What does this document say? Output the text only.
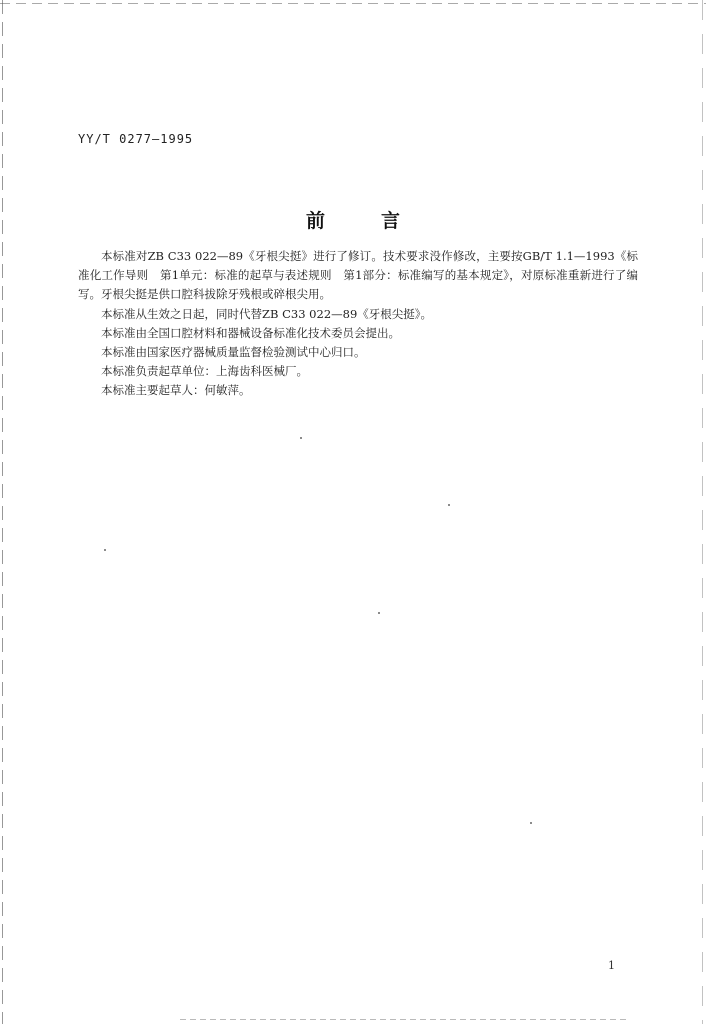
YY/T 0277—1995
前言

本标准对ZB C33 022—89《牙根尖挺》进行了修订。技术要求没作修改，主要按GB/T 1.1—1993《标准化工作导则　第1单元：标准的起草与表述规则　第1部分：标准编写的基本规定》，对原标准重新进行了编写。牙根尖挺是供口腔科拔除牙残根或碎根尖用。

本标准从生效之日起，同时代替ZB C33 022—89《牙根尖挺》。

本标准由全国口腔材料和器械设备标准化技术委员会提出。

本标准由国家医疗器械质量监督检验测试中心归口。

本标准负责起草单位：上海齿科医械厂。

本标准主要起草人：何敏萍。

1
